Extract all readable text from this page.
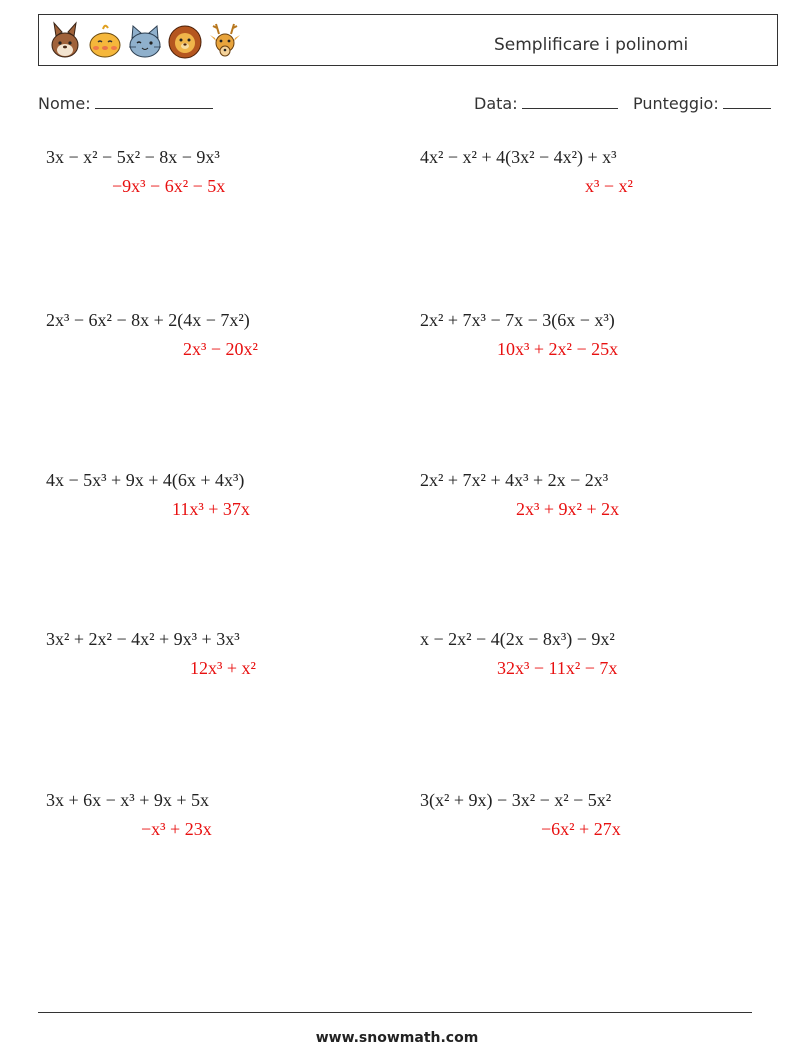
Semplificare i polinomi
Nome:	Data:	Punteggio:
3x − x² − 5x² − 8x − 9x³
−9x³ − 6x² − 5x
4x² − x² + 4(3x² − 4x²) + x³
x³ − x²
2x³ − 6x² − 8x + 2(4x − 7x²)
2x³ − 20x²
2x² + 7x³ − 7x − 3(6x − x³)
10x³ + 2x² − 25x
4x − 5x³ + 9x + 4(6x + 4x³)
11x³ + 37x
2x² + 7x² + 4x³ + 2x − 2x³
2x³ + 9x² + 2x
3x² + 2x² − 4x² + 9x³ + 3x³
12x³ + x²
x − 2x² − 4(2x − 8x³) − 9x²
32x³ − 11x² − 7x
3x + 6x − x³ + 9x + 5x
−x³ + 23x
3(x² + 9x) − 3x² − x² − 5x²
−6x² + 27x
www.snowmath.com
